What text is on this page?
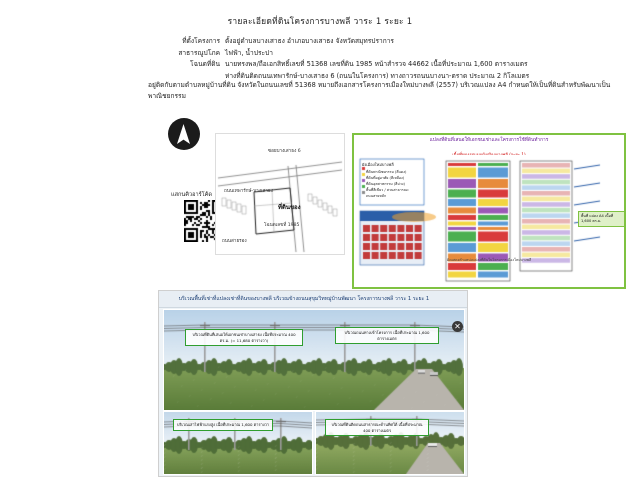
รายละเอียดที่ดินโครงการบางพลี วาระ 1 ระยะ 1
ที่ตั้งโครงการ ตั้งอยู่ตำบลบางเสาธง อำเภอบางเสาธง จังหวัดสมุทรปราการ
สาธารณูปโภค ไฟฟ้า, น้ำประปา
โฉนดที่ดิน นายทรงพล/ถือเอกสิทธิ์เลขที่ 51368 เลขที่ดิน 1985 หน้าสำรวจ 44662 เนื้อที่ประมาณ 1,600 ตารางเมตร
ห่างที่ดินติดถนนเทพารักษ์-บางเสาธง 6 (ถนนในโครงการ) ทางถาวรถนนบางนา-ตราด ประมาณ 2 กิโลเมตร
อยู่ติดกับตามตำบลหมู่บ้านที่ดิน จังหวัดในถนนเลขที่ 51368 หมายถึงเอกสารโครงการเมืองใหม่บางพลี (2557) บริเวณแปลง A4 กำหนดให้เป็นที่ดินสำหรับพัฒนาเป็นพาณิชยกรรม
แสกนคิวอาร์โค้ด
ที่ดินของ
ถนนเทพารักษ์-บางเสาธง
ซอยบางเสาธง 6
โฉนดเลขที่ 1985
ถนนสายรอง
แปลงที่ดินที่เสนอให้เอกชนเช่าและโครงการใช้ที่ดินทำการ
ผังเมืองใหม่บางพลี
ที่ดินพาณิชยกรรม (สีแดง)
ที่ดินที่อยู่อาศัย (สีเหลือง)
ที่ดินอุตสาหกรรม (สีม่วง)
พื้นที่สีเขียว / สวนสาธารณะ
ถนนสายหลัก
พื้นที่ แปลง A4 เนื้อที่ 1,600 ตร.ม.
ผังแสดงตำแหน่งแปลงที่ดินในโครงการเมืองใหม่บางพลี
บริเวณพื้นที่เช่าที่แปลงเช่าที่ดินของบางพลี บริเวณข้างถนนสุขุมวิทหมู่บ้านพัฒนา โครงการบางพลี วาระ 1 ระยะ 1
✕
บริเวณที่ดินที่เสนอให้เอกชนเช่าบางเสาธง เนื้อที่ประมาณ 400 ตร.ม. (= 11,680 ตารางวา)
บริเวณถนนทางเข้าโครงการ เนื้อที่ประมาณ 1,600 ตารางเมตร
บริเวณเสาไฟฟ้าแรงสูง เนื้อที่ประมาณ 1,600 ตารางวา	บริเวณที่ดินติดถนนสาธารณะด้านทิศใต้ เนื้อที่ประมาณ 400 ตารางเมตร
